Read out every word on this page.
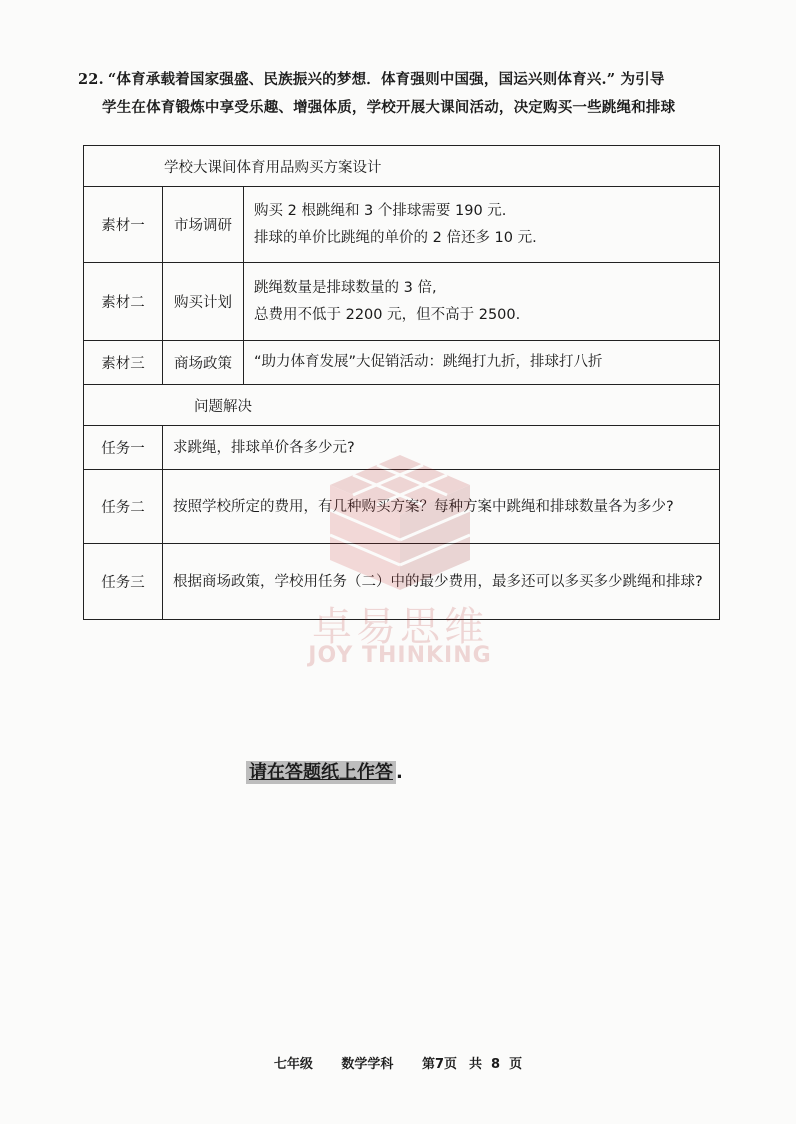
22. “体育承载着国家强盛、民族振兴的梦想．体育强则中国强，国运兴则体育兴.” 为引导
学生在体育锻炼中享受乐趣、增强体质，学校开展大课间活动，决定购买一些跳绳和排球
学校大课间体育用品购买方案设计		
素材一	市场调研	购买 2 根跳绳和 3 个排球需要 190 元.
排球的单价比跳绳的单价的 2 倍还多 10 元.

素材二	购买计划	跳绳数量是排球数量的 3 倍,
总费用不低于 2200 元，但不高于 2500.

素材三	商场政策	“助力体育发展”大促销活动：跳绳打九折，排球打八折

问题解决		
任务一	求跳绳，排球单价各多少元?	
任务二	按照学校所定的费用，有几种购买方案？每种方案中跳绳和排球数量各为多少?	
任务三	根据商场政策，学校用任务（二）中的最少费用，最多还可以多买多少跳绳和排球?	
卓易思维
JOY THINKING
请在答题纸上作答 .
七年级 数学学科 第7页 共  8  页
